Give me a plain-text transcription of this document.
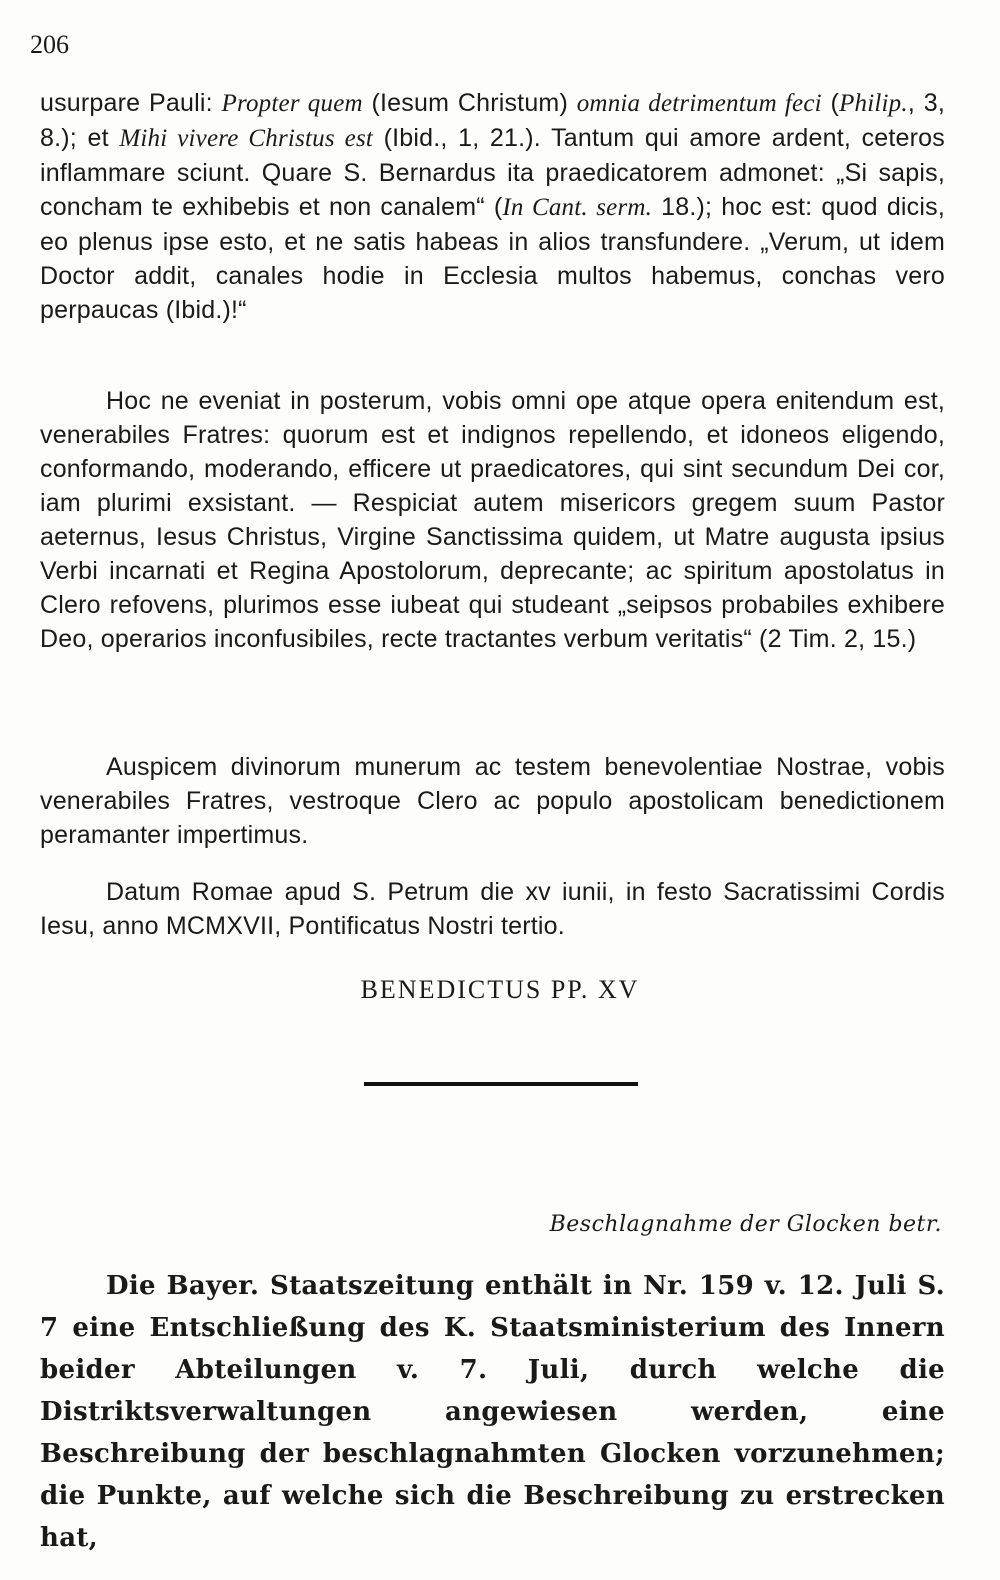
206

usurpare Pauli: Propter quem (Iesum Christum) omnia detrimentum feci (Philip., 3, 8.); et Mihi vivere Christus est (Ibid., 1, 21.). Tantum qui amore ardent, ceteros inflammare sciunt. Quare S. Bernardus ita praedicatorem admonet: „Si sapis, concham te exhibebis et non canalem“ (In Cant. serm. 18.); hoc est: quod dicis, eo plenus ipse esto, et ne satis habeas in alios transfundere. „Verum, ut idem Doctor addit, canales hodie in Ecclesia multos habemus, conchas vero perpaucas (Ibid.)!“

Hoc ne eveniat in posterum, vobis omni ope atque opera enitendum est, venerabiles Fratres: quorum est et indignos repellendo, et idoneos eligendo, conformando, moderando, efficere ut praedicatores, qui sint secundum Dei cor, iam plurimi exsistant. — Respiciat autem misericors gregem suum Pastor aeternus, Iesus Christus, Virgine Sanctissima quidem, ut Matre augusta ipsius Verbi incarnati et Regina Apostolorum, deprecante; ac spiritum apostolatus in Clero refovens, plurimos esse iubeat qui studeant „seipsos probabiles exhibere Deo, operarios inconfusibiles, recte tractantes verbum veritatis“ (2 Tim. 2, 15.)

Auspicem divinorum munerum ac testem benevolentiae Nostrae, vobis venerabiles Fratres, vestroque Clero ac populo apostolicam benedictionem peramanter impertimus.

Datum Romae apud S. Petrum die xv iunii, in festo Sacratissimi Cordis Iesu, anno MCMXVII, Pontificatus Nostri tertio.

BENEDICTUS PP. XV
Beschlagnahme der Glocken betr.

Die Bayer. Staatszeitung enthält in Nr. 159 v. 12. Juli S. 7 eine Entschließung des K. Staatsministerium des Innern beider Abteilungen v. 7. Juli, durch welche die Distriktsverwaltungen angewiesen werden, eine Beschreibung der beschlagnahmten Glocken vorzunehmen; die Punkte, auf welche sich die Beschreibung zu erstrecken hat,
